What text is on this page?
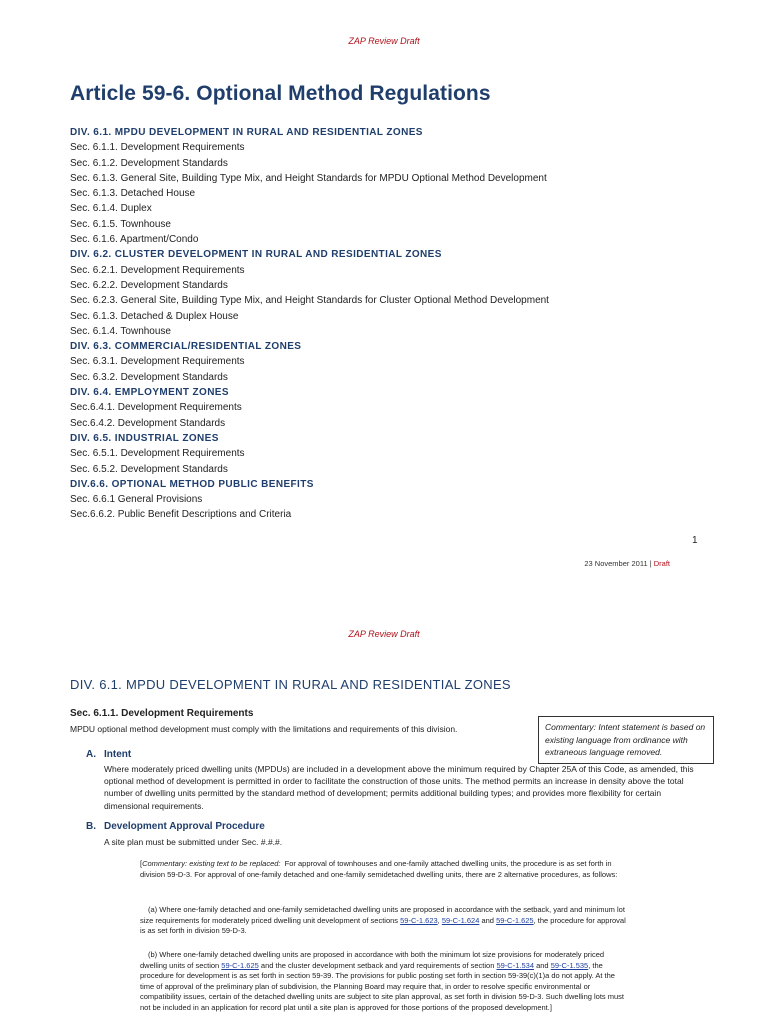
ZAP Review Draft
Article 59-6. Optional Method Regulations
DIV. 6.1. MPDU DEVELOPMENT IN RURAL AND RESIDENTIAL ZONES
Sec. 6.1.1. Development Requirements
Sec. 6.1.2. Development Standards
Sec. 6.1.3. General Site, Building Type Mix, and Height Standards for MPDU Optional Method Development
Sec. 6.1.3. Detached House
Sec. 6.1.4. Duplex
Sec. 6.1.5. Townhouse
Sec. 6.1.6. Apartment/Condo
DIV. 6.2. CLUSTER DEVELOPMENT IN RURAL AND RESIDENTIAL ZONES
Sec. 6.2.1. Development Requirements
Sec. 6.2.2. Development Standards
Sec. 6.2.3. General Site, Building Type Mix, and Height Standards for Cluster Optional Method Development
Sec. 6.1.3. Detached & Duplex House
Sec. 6.1.4. Townhouse
DIV. 6.3. COMMERCIAL/RESIDENTIAL ZONES
Sec. 6.3.1. Development Requirements
Sec. 6.3.2. Development Standards
DIV. 6.4. EMPLOYMENT ZONES
Sec.6.4.1. Development Requirements
Sec.6.4.2. Development Standards
DIV. 6.5. INDUSTRIAL ZONES
Sec. 6.5.1. Development Requirements
Sec. 6.5.2. Development Standards
DIV.6.6. OPTIONAL METHOD PUBLIC BENEFITS
Sec. 6.6.1 General Provisions
Sec.6.6.2. Public Benefit Descriptions and Criteria
1
23 November 2011 | Draft
ZAP Review Draft
DIV. 6.1. MPDU DEVELOPMENT IN RURAL AND RESIDENTIAL ZONES
Sec. 6.1.1. Development Requirements
MPDU optional method development must comply with the limitations and requirements of this division.	Commentary: Intent statement is based on existing language from ordinance with extraneous language removed.
A. Intent
Where moderately priced dwelling units (MPDUs) are included in a development above the minimum required by Chapter 25A of this Code, as amended, this optional method of development is permitted in order to facilitate the construction of those units. The method permits an increase in density above the total number of dwelling units permitted by the standard method of development; permits additional building types; and provides more flexibility for certain dimensional requirements.
B. Development Approval Procedure
A site plan must be submitted under Sec. #.#.#.
[Commentary: existing text to be replaced: For approval of townhouses and one-family attached dwelling units, the procedure is as set forth in division 59-D-3. For approval of one-family detached and one-family semidetached dwelling units, there are 2 alternative procedures, as follows:
(a) Where one-family detached and one-family semidetached dwelling units are proposed in accordance with the setback, yard and minimum lot size requirements for moderately priced dwelling unit development of sections 59-C-1.623, 59-C-1.624 and 59-C-1.625, the procedure for approval is as set forth in division 59-D-3.
(b) Where one-family detached dwelling units are proposed in accordance with both the minimum lot size provisions for moderately priced dwelling units of section 59-C-1.625 and the cluster development setback and yard requirements of section 59-C-1.534 and 59-C-1.535, the procedure for development is as set forth in section 59-39. The provisions for public posting set forth in section 59-39(c)(1)a do not apply. At the time of approval of the preliminary plan of subdivision, the Planning Board may require that, in order to resolve specific environmental or compatibility issues, certain of the detached dwelling units are subject to site plan approval, as set forth in division 59-D-3. Such dwelling lots must not be included in an application for record plat until a site plan is approved for those portions of the proposed development.]
